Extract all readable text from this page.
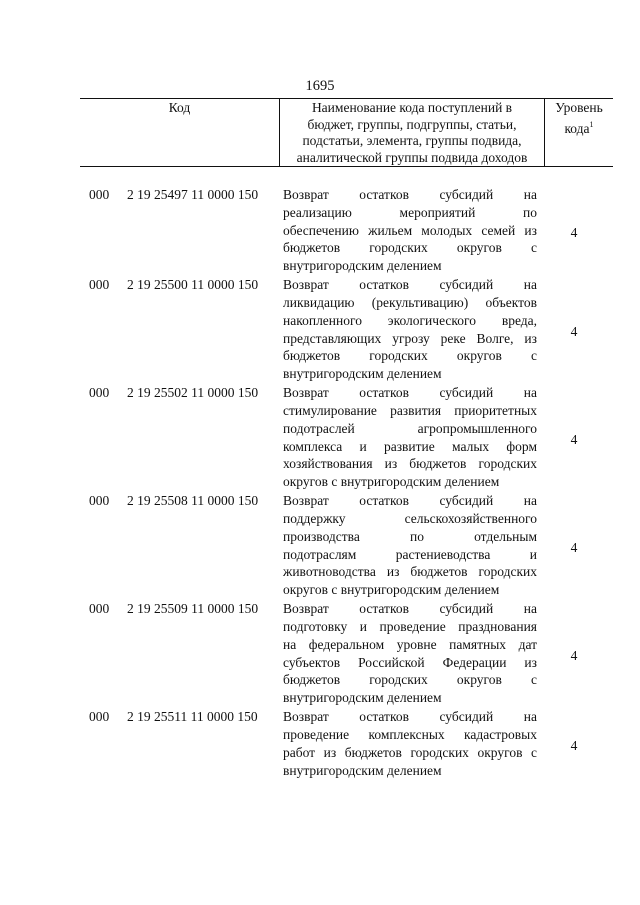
1695
Код	Наименование кода поступлений в
бюджет, группы, подгруппы, статьи,
подстатьи, элемента, группы подвида,
аналитической группы подвида доходов
Уровень
кода$^1$
000 2 19 25497 11 0000 150 Возврат остатков субсидий на
реализацию мероприятий по
обеспечению жильем молодых семей из
бюджетов городских округов с
внутригородским делением
4
000 2 19 25500 11 0000 150 Возврат остатков субсидий на
ликвидацию (рекультивацию) объектов
накопленного экологического вреда,
представляющих угрозу реке Волге, из
бюджетов городских округов с
внутригородским делением
4
000 2 19 25502 11 0000 150 Возврат остатков субсидий на
стимулирование развития приоритетных
подотраслей агропромышленного
комплекса и развитие малых форм
хозяйствования из бюджетов городских
округов с внутригородским делением
4
000 2 19 25508 11 0000 150 Возврат остатков субсидий на
поддержку сельскохозяйственного
производства по отдельным
подотраслям растениеводства и
животноводства из бюджетов городских
округов с внутригородским делением
4
000 2 19 25509 11 0000 150 Возврат остатков субсидий на
подготовку и проведение празднования
на федеральном уровне памятных дат
субъектов Российской Федерации из
бюджетов городских округов с
внутригородским делением
4
000 2 19 25511 11 0000 150 Возврат остатков субсидий на
проведение комплексных кадастровых
работ из бюджетов городских округов с
внутригородским делением
4
